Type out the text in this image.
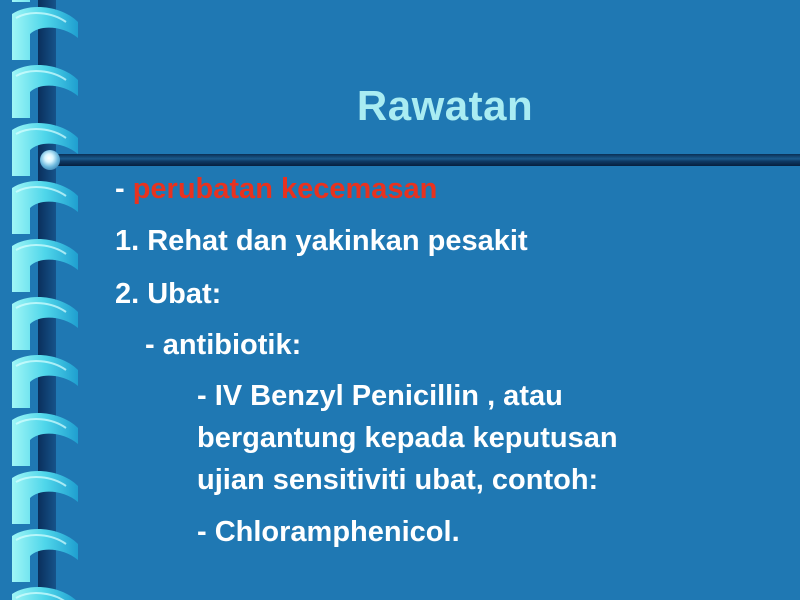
Rawatan
- perubatan kecemasan
1. Rehat dan yakinkan pesakit
2. Ubat:
- antibiotik:
- IV Benzyl Penicillin , atau
bergantung kepada keputusan
ujian sensitiviti ubat, contoh:
- Chloramphenicol.
